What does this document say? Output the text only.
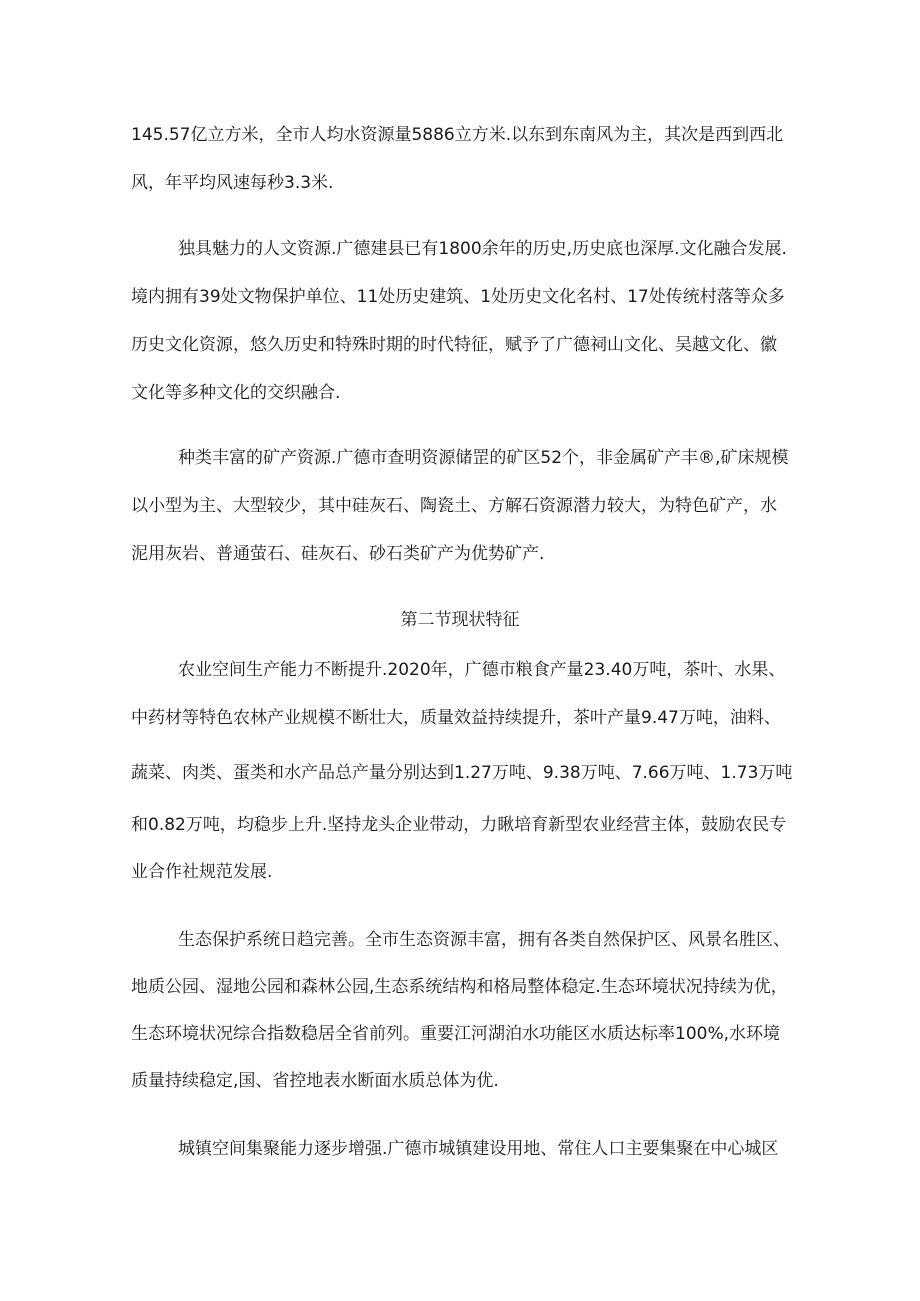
145.57亿立方米，全市人均水资源量5886立方米.以东到东南风为主，其次是西到西北

风，年平均风速每秒3.3米.

独具魅力的人文资源.广德建县已有1800余年的历史,历史底也深厚.文化融合发展.

境内拥有39处文物保护单位、11处历史建筑、1处历史文化名村、17处传统村落等众多

历史文化资源，悠久历史和特殊时期的时代特征，赋予了广德祠山文化、吴越文化、徽

文化等多种文化的交织融合.

种类丰富的矿产资源.广德市查明资源储罡的矿区52个，非金属矿产丰®,矿床规模

以小型为主、大型较少，其中硅灰石、陶瓷土、方解石资源潜力较大，为特色矿产，水

泥用灰岩、普通萤石、硅灰石、砂石类矿产为优势矿产.

第二节现状特征

农业空间生产能力不断提升.2020年，广德市粮食产量23.40万吨，茶叶、水果、

中药材等特色农林产业规模不断壮大，质量效益持续提升，茶叶产量9.47万吨，油料、

蔬菜、肉类、蛋类和水产品总产量分别达到1.27万吨、9.38万吨、7.66万吨、1.73万吨

和0.82万吨，均稳步上升.坚持龙头企业带动，力瞅培育新型农业经营主体，鼓励农民专

业合作社规范发展.

生态保护系统日趋完善。全市生态资源丰富，拥有各类自然保护区、风景名胜区、

地质公园、湿地公园和森林公园,生态系统结构和格局整体稳定.生态环境状况持续为优，

生态环境状况综合指数稳居全省前列。重要江河湖泊水功能区水质达标率100%,水环境

质量持续稳定,国、省控地表水断面水质总体为优.

城镇空间集聚能力逐步增强.广德市城镇建设用地、常住人口主要集聚在中心城区
